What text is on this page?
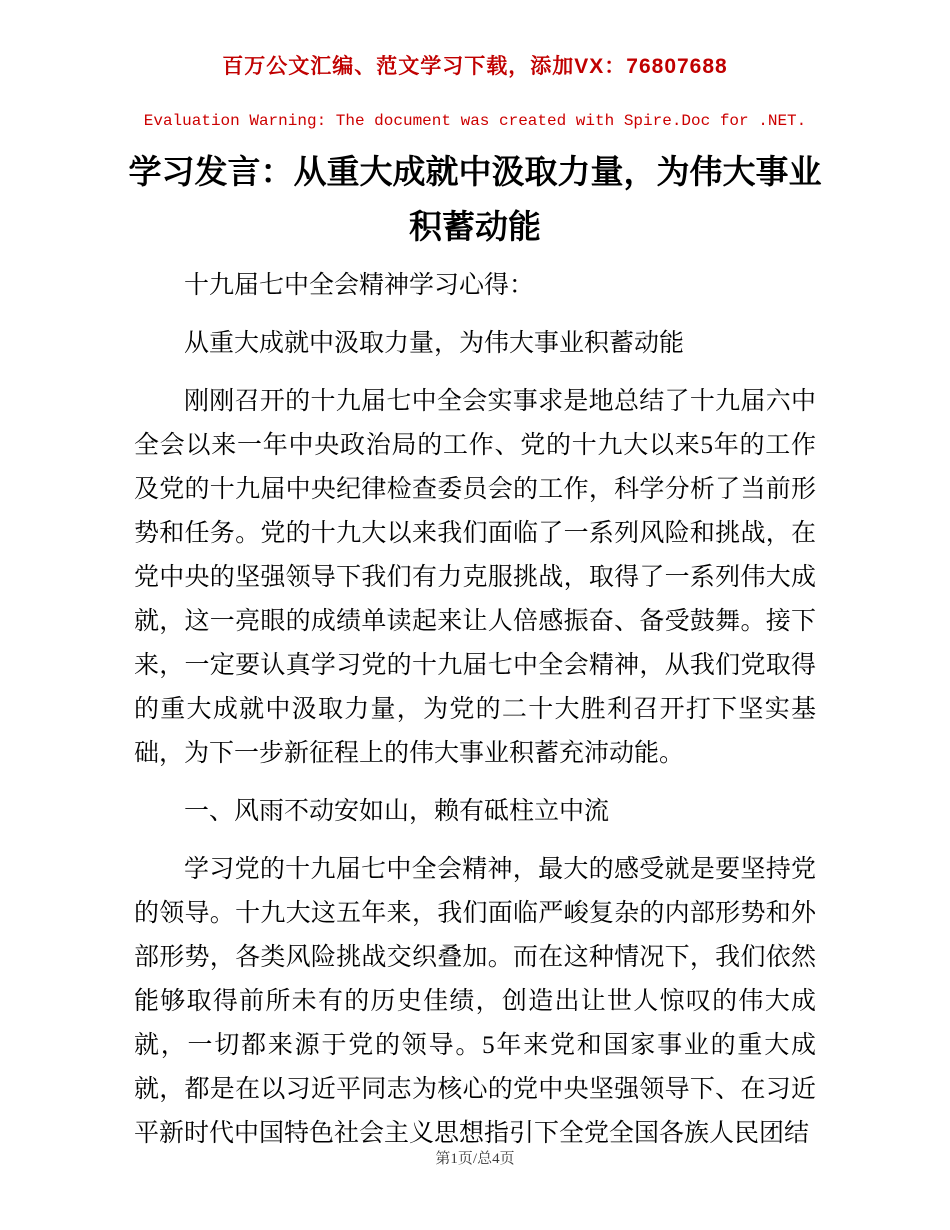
百万公文汇编、范文学习下载，添加VX：76807688
Evaluation Warning: The document was created with Spire.Doc for .NET.
学习发言：从重大成就中汲取力量，为伟大事业积蓄动能

十九届七中全会精神学习心得：

从重大成就中汲取力量，为伟大事业积蓄动能

刚刚召开的十九届七中全会实事求是地总结了十九届六中全会以来一年中央政治局的工作、党的十九大以来5年的工作及党的十九届中央纪律检查委员会的工作，科学分析了当前形势和任务。党的十九大以来我们面临了一系列风险和挑战，在党中央的坚强领导下我们有力克服挑战，取得了一系列伟大成就，这一亮眼的成绩单读起来让人倍感振奋、备受鼓舞。接下来，一定要认真学习党的十九届七中全会精神，从我们党取得的重大成就中汲取力量，为党的二十大胜利召开打下坚实基础，为下一步新征程上的伟大事业积蓄充沛动能。

一、风雨不动安如山，赖有砥柱立中流

学习党的十九届七中全会精神，最大的感受就是要坚持党的领导。十九大这五年来，我们面临严峻复杂的内部形势和外部形势，各类风险挑战交织叠加。而在这种情况下，我们依然能够取得前所未有的历史佳绩，创造出让世人惊叹的伟大成就，一切都来源于党的领导。5年来党和国家事业的重大成就，都是在以习近平同志为核心的党中央坚强领导下、在习近平新时代中国特色社会主义思想指引下全党全国各族人民团结

第1页/总4页
